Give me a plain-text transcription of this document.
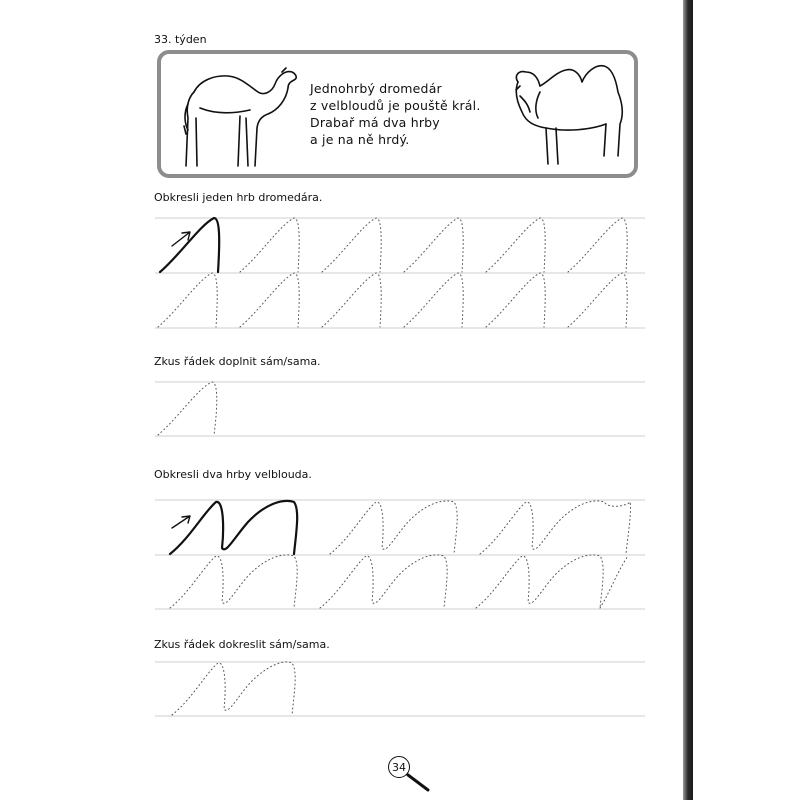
33. týden
Jednohrbý dromedár
z velbloudů je pouště král.
Drabař má dva hrby
a je na ně hrdý.
Obkresli jeden hrb dromedára.
Zkus řádek doplnit sám/sama.
Obkresli dva hrby velblouda.
Zkus řádek dokreslit sám/sama.
34
